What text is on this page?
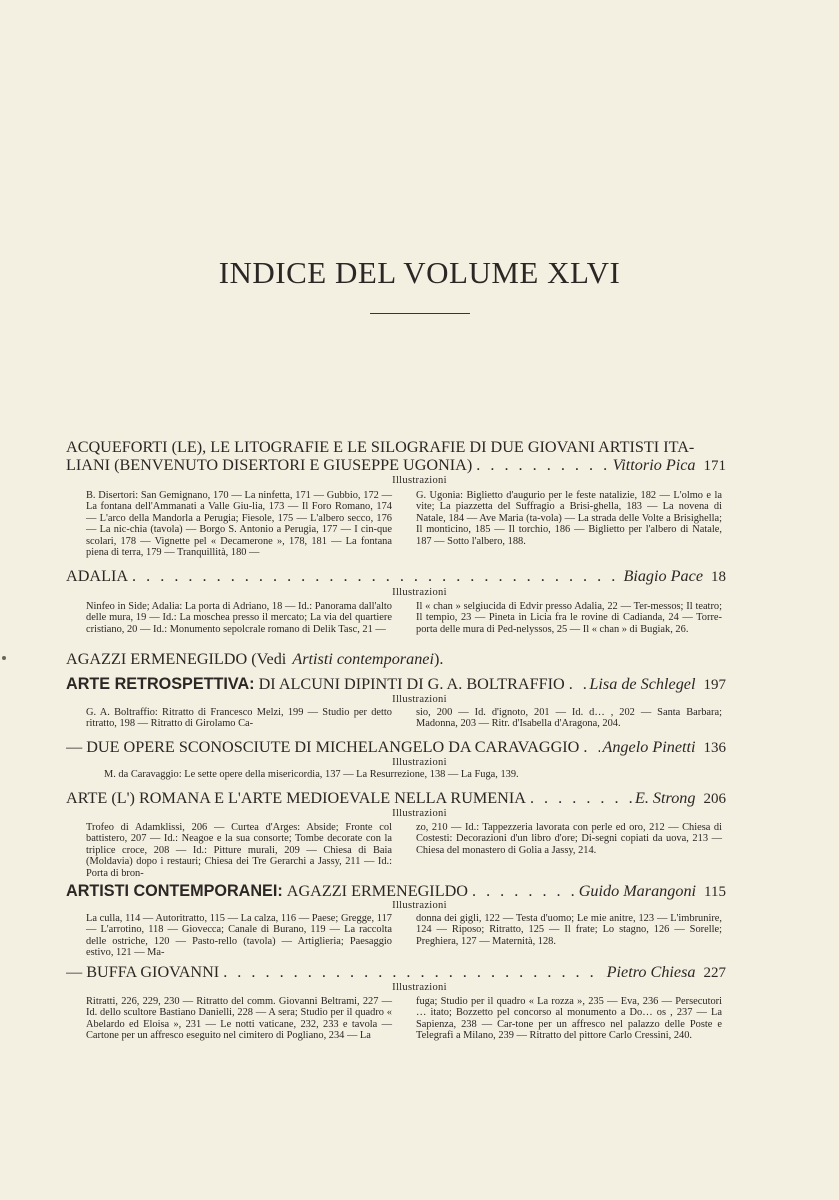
INDICE DEL VOLUME XLVI
ACQUEFORTI (LE), LE LITOGRAFIE E LE SILOGRAFIE DI DUE GIOVANI ARTISTI ITA-
LIANI (BENVENUTO DISERTORI E GIUSEPPE UGONIA) . . .	Vittorio Pica 171
Illustrazioni
B. Disertori: San Gemignano, 170 — La ninfetta, 171 — Gubbio, 172 — La fontana dell'Ammanati a Valle Giu-lia, 173 — Il Foro Romano, 174 — L'arco della Mandorla a Perugia; Fiesole, 175 — L'albero secco, 176 — La nic-chia (tavola) — Borgo S. Antonio a Perugia, 177 — I cin-que scolari, 178 — Vignette pel « Decamerone », 178, 181 — La fontana piena di terra, 179 — Tranquillità, 180 —
G. Ugonia: Biglietto d'augurio per le feste natalizie, 182 — L'olmo e la vite; La piazzetta del Suffragio a Brisi-ghella, 183 — La novena di Natale, 184 — Ave Maria (ta-vola) — La strada delle Volte a Brisighella; Il monticino, 185 — Il torchio, 186 — Biglietto per l'albero di Natale, 187 — Sotto l'albero, 188.
ADALIA . . .	Biagio Pace 18
Illustrazioni
Ninfeo in Side; Adalia: La porta di Adriano, 18 — Id.: Panorama dall'alto delle mura, 19 — Id.: La moschea presso il mercato; La via del quartiere cristiano, 20 — Id.: Monumento sepolcrale romano di Delik Tasc, 21 —
Il « chan » selgiucida di Edvir presso Adalia, 22 — Ter-messos; Il teatro; Il tempio, 23 — Pineta in Licia fra le rovine di Cadianda, 24 — Torre-porta delle mura di Ped-nelyssos, 25 — Il « chan » di Bugiak, 26.
AGAZZI ERMENEGILDO (Vedi
Artisti contemporanei ).
ARTE RETROSPETTIVA:
DI ALCUNI DIPINTI DI G. A. BOLTRAFFIO . . . Lisa de Schlegel 197
Illustrazioni
G. A. Boltraffio: Ritratto di Francesco Melzi, 199 — Studio per detto ritratto, 198 — Ritratto di Girolamo Ca-
sio, 200 — Id. d'ignoto, 201 — Id. d… , 202 — Santa Barbara; Madonna, 203 — Ritr. d'Isabella d'Aragona, 204.
— DUE OPERE SCONOSCIUTE DI MICHELANGELO DA CARAVAGGIO . . . Angelo Pinetti 136
Illustrazioni
M. da Caravaggio: Le sette opere della misericordia, 137 — La Resurrezione, 138 — La Fuga, 139.
ARTE (L') ROMANA E L'ARTE MEDIOEVALE NELLA RUMENIA . . .	E. Strong 206
Illustrazioni
Trofeo di Adamklissi, 206 — Curtea d'Arges: Abside; Fronte col battistero, 207 — Id.: Neagoe e la sua consorte; Tombe decorate con la triplice croce, 208 — Id.: Pitture murali, 209 — Chiesa di Baia (Moldavia) dopo i restauri; Chiesa dei Tre Gerarchi a Jassy, 211 — Id.: Porta di bron-
zo, 210 — Id.: Tappezzeria lavorata con perle ed oro, 212 — Chiesa di Costesti: Decorazioni d'un libro d'ore; Di-segni copiati da uova, 213 — Chiesa del monastero di Golia a Jassy, 214.
ARTISTI CONTEMPORANEI:
AGAZZI ERMENEGILDO . . .	Guido Marangoni 115
Illustrazioni
La culla, 114 — Autoritratto, 115 — La calza, 116 — Paese; Gregge, 117 — L'arrotino, 118 — Giovecca; Canale di Burano, 119 — La raccolta delle ostriche, 120 — Pasto-rello (tavola) — Artiglieria; Paesaggio estivo, 121 — Ma-
donna dei gigli, 122 — Testa d'uomo; Le mie anitre, 123 — L'imbrunire, 124 — Riposo; Ritratto, 125 — Il frate; Lo stagno, 126 — Sorelle; Preghiera, 127 — Maternità, 128.
— BUFFA GIOVANNI . . .	Pietro Chiesa 227
Illustrazioni
Ritratti, 226, 229, 230 — Ritratto del comm. Giovanni Beltrami, 227 — Id. dello scultore Bastiano Danielli, 228 — A sera; Studio per il quadro « Abelardo ed Eloisa », 231 — Le notti vaticane, 232, 233 e tavola — Cartone per un affresco eseguito nel cimitero di Pogliano, 234 — La
fuga; Studio per il quadro « La rozza », 235 — Eva, 236 — Persecutori … itato; Bozzetto pel concorso al monumento a Do… os , 237 — La Sapienza, 238 — Car-tone per un affresco nel palazzo delle Poste e Telegrafi a Milano, 239 — Ritratto del pittore Carlo Cressini, 240.
